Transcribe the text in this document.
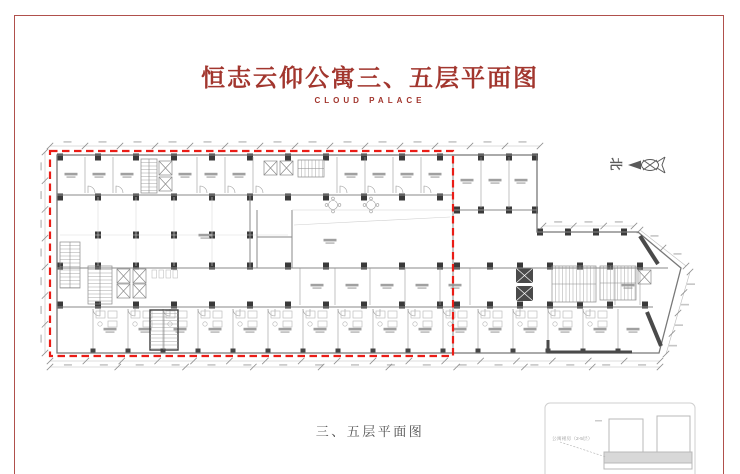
恒志云仰公寓三、五层平面图
CLOUD PALACE
北
公寓裙房（2-5层）
三、五层平面图
